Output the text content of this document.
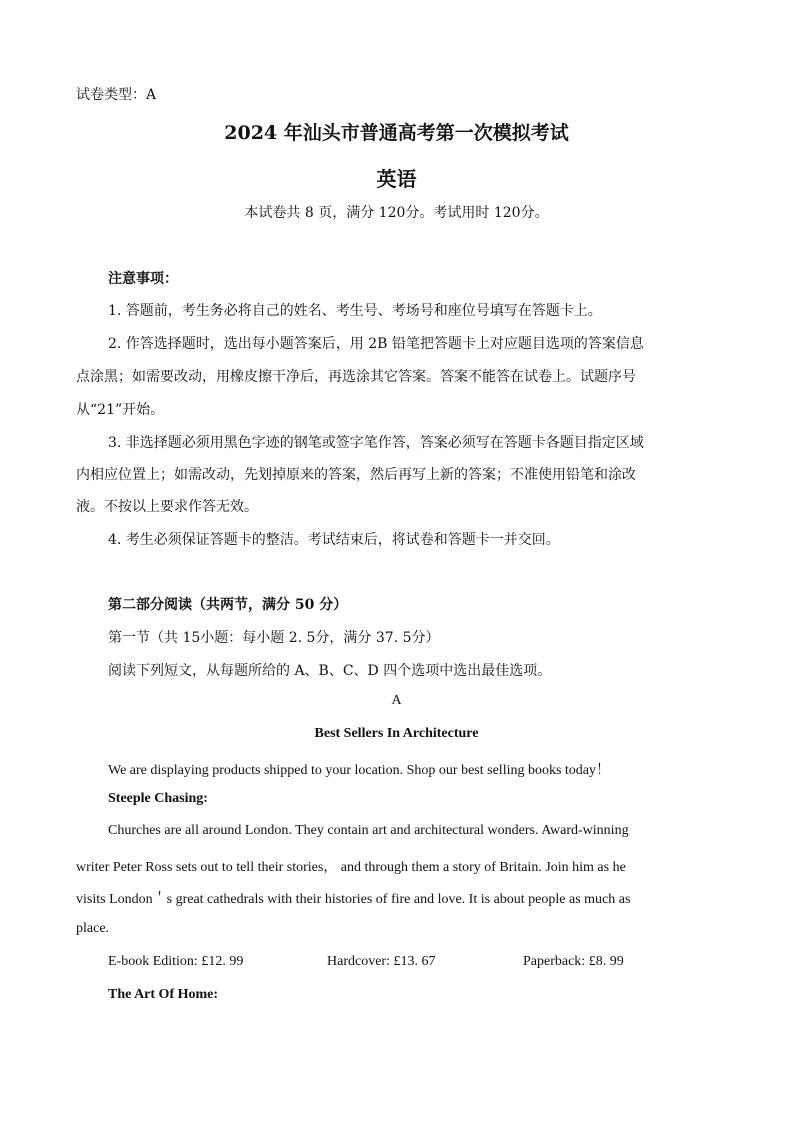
试卷类型：A
2024 年汕头市普通高考第一次模拟考试
英语
本试卷共 8 页，满分 120分。考试用时 120分。
注意事项：
1. 答题前，考生务必将自己的姓名、考生号、考场号和座位号填写在答题卡上。
2. 作答选择题时，选出每小题答案后，用 2B 铅笔把答题卡上对应题目选项的答案信息
点涂黑；如需要改动，用橡皮擦干净后，再选涂其它答案。答案不能答在试卷上。试题序号
从“21”开始。
3. 非选择题必须用黑色字迹的钢笔或签字笔作答，答案必须写在答题卡各题目指定区域
内相应位置上；如需改动，先划掉原来的答案，然后再写上新的答案；不准使用铅笔和涂改
液。不按以上要求作答无效。
4. 考生必须保证答题卡的整洁。考试结束后，将试卷和答题卡一并交回。
第二部分阅读（共两节，满分 50 分）
第一节（共 15小题：每小题 2. 5分，满分 37. 5分）
阅读下列短文，从每题所给的 A、B、C、D 四个选项中选出最佳选项。
A
Best Sellers In Architecture
We are displaying products shipped to your location. Shop our best selling books today！
Steeple Chasing:
Churches are all around London. They contain art and architectural wonders. Award-winning
writer Peter Ross sets out to tell their stories， and through them a story of Britain. Join him as he
visits London＇s great cathedrals with their histories of fire and love. It is about people as much as
place.
E-book Edition: £12. 99	Hardcover: £13. 67	Paperback: £8. 99
The Art Of Home:
